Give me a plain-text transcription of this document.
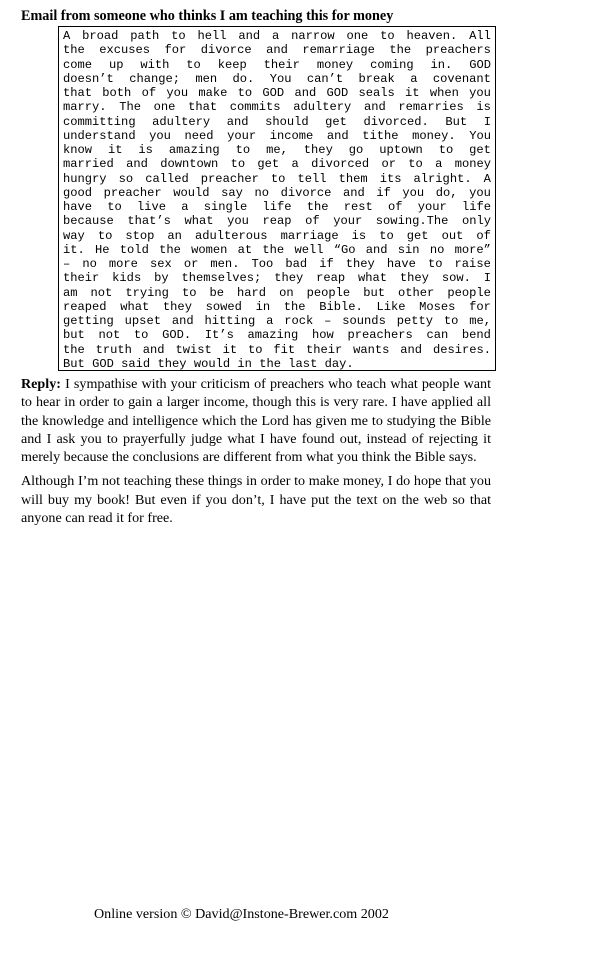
Email from someone who thinks I am teaching this for money
A broad path to hell and a narrow one to heaven. All
the excuses for divorce and remarriage the preachers
come up with to keep their money coming in. GOD
doesn’t change; men do. You can’t break a covenant
that both of you make to GOD and GOD seals it when you
marry. The one that commits adultery and remarries is
committing adultery and should get divorced. But I
understand you need your income and tithe money. You
know it is amazing to me, they go uptown to get
married and downtown to get a divorced or to a money
hungry so called preacher to tell them its alright. A
good preacher would say no divorce and if you do, you
have to live a single life the rest of your life
because that’s what you reap of your sowing.The only
way to stop an adulterous marriage is to get out of
it. He told the women at the well “Go and sin no more”
– no more sex or men. Too bad if they have to raise
their kids by themselves; they reap what they sow. I
am not trying to be hard on people but other people
reaped what they sowed in the Bible. Like Moses for
getting upset and hitting a rock – sounds petty to me,
but not to GOD. It’s amazing how preachers can bend
the truth and twist it to fit their wants and desires.
But GOD said they would in the last day.

Reply: I sympathise with your criticism of preachers who teach what people want to hear in order to gain a larger income, though this is very rare. I have applied all the knowledge and intelligence which the Lord has given me to studying the Bible and I ask you to prayerfully judge what I have found out, instead of rejecting it merely because the conclusions are different from what you think the Bible says.

Although I’m not teaching these things in order to make money, I do hope that you will buy my book! But even if you don’t, I have put the text on the web so that anyone can read it for free.

Online version © David@Instone-Brewer.com 2002
